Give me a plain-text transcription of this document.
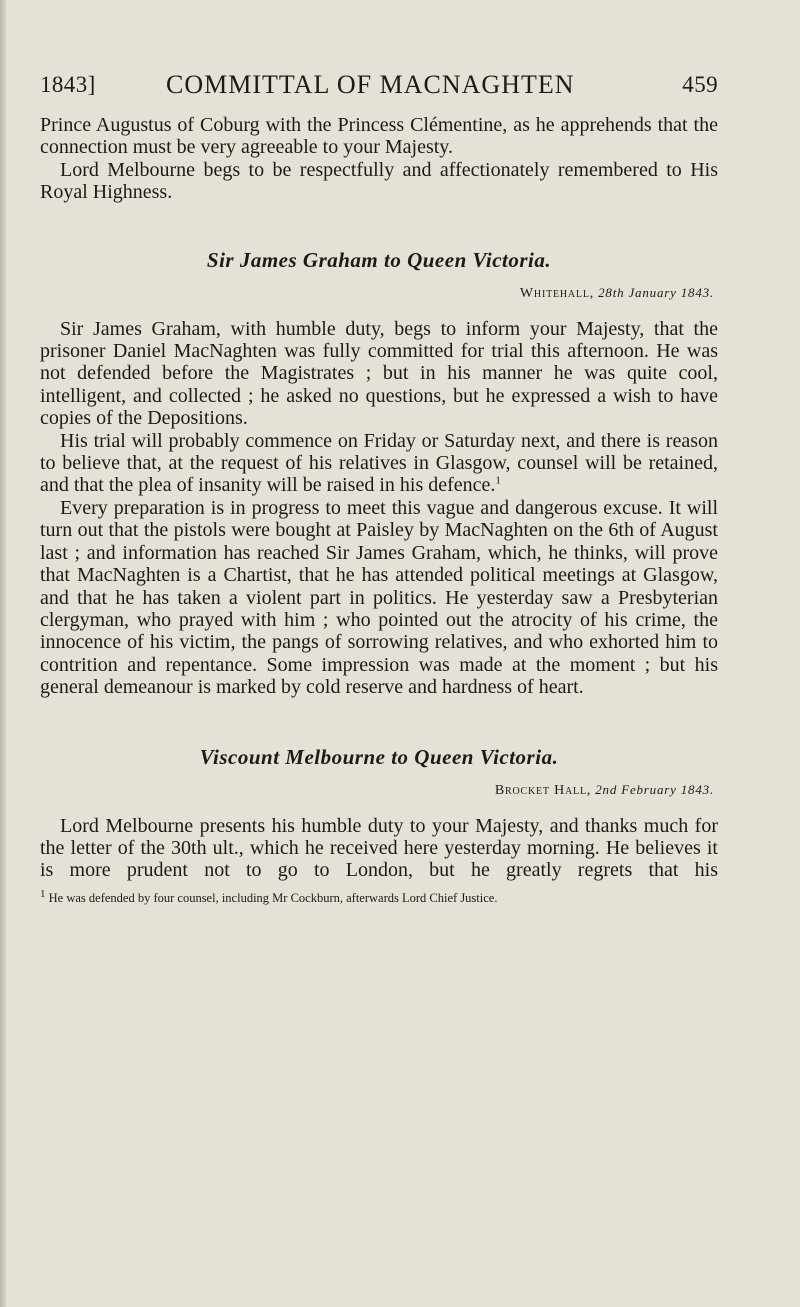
1843]	COMMITTAL OF MACNAGHTEN	459

Prince Augustus of Coburg with the Princess Clémentine, as he apprehends that the connection must be very agreeable to your Majesty.

Lord Melbourne begs to be respectfully and affectionately remembered to His Royal Highness.

Sir James Graham to Queen Victoria.
Whitehall, 28th January 1843.

Sir James Graham, with humble duty, begs to inform your Majesty, that the prisoner Daniel MacNaghten was fully committed for trial this afternoon. He was not defended before the Magistrates ; but in his manner he was quite cool, intelligent, and collected ; he asked no questions, but he expressed a wish to have copies of the Depositions.

His trial will probably commence on Friday or Saturday next, and there is reason to believe that, at the request of his relatives in Glasgow, counsel will be retained, and that the plea of insanity will be raised in his defence.$^1$

Every preparation is in progress to meet this vague and dangerous excuse. It will turn out that the pistols were bought at Paisley by MacNaghten on the 6th of August last ; and information has reached Sir James Graham, which, he thinks, will prove that MacNaghten is a Chartist, that he has attended political meetings at Glasgow, and that he has taken a violent part in politics. He yesterday saw a Presbyterian clergyman, who prayed with him ; who pointed out the atrocity of his crime, the innocence of his victim, the pangs of sorrowing relatives, and who exhorted him to contrition and repentance. Some impression was made at the moment ; but his general demeanour is marked by cold reserve and hardness of heart.

Viscount Melbourne to Queen Victoria.
Brocket Hall, 2nd February 1843.

Lord Melbourne presents his humble duty to your Majesty, and thanks much for the letter of the 30th ult., which he received here yesterday morning. He believes it is more prudent not to go to London, but he greatly regrets that his

$^1$ He was defended by four counsel, including Mr Cockburn, afterwards Lord Chief Justice.
